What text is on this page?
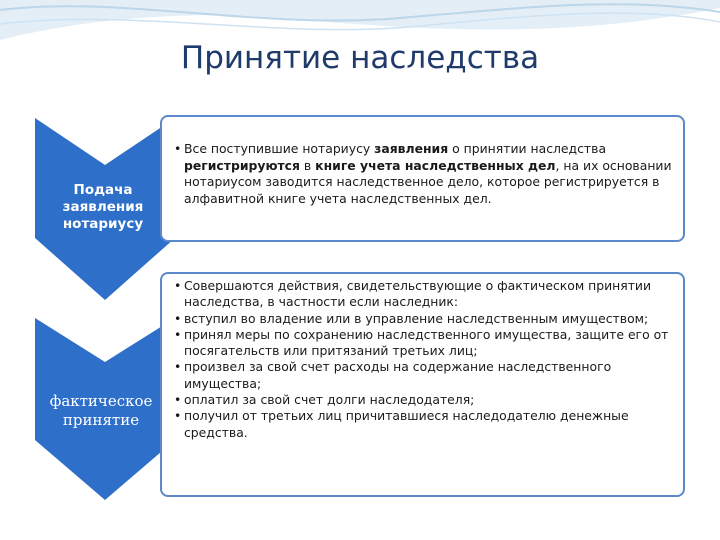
Принятие наследства
Подача
заявления
нотариусу
фактическое
принятие
• Все поступившие нотариусу заявления о принятии наследства регистрируются в книге учета наследственных дел, на их основании нотариусом заводится наследственное дело, которое регистрируется в алфавитной книге учета наследственных дел.
• Совершаются действия, свидетельствующие о фактическом принятии наследства, в частности если наследник:
• вступил во владение или в управление наследственным имуществом;
• принял меры по сохранению наследственного имущества, защите его от посягательств или притязаний третьих лиц;
• произвел за свой счет расходы на содержание наследственного имущества;
• оплатил за свой счет долги наследодателя;
• получил от третьих лиц причитавшиеся наследодателю денежные средства.
